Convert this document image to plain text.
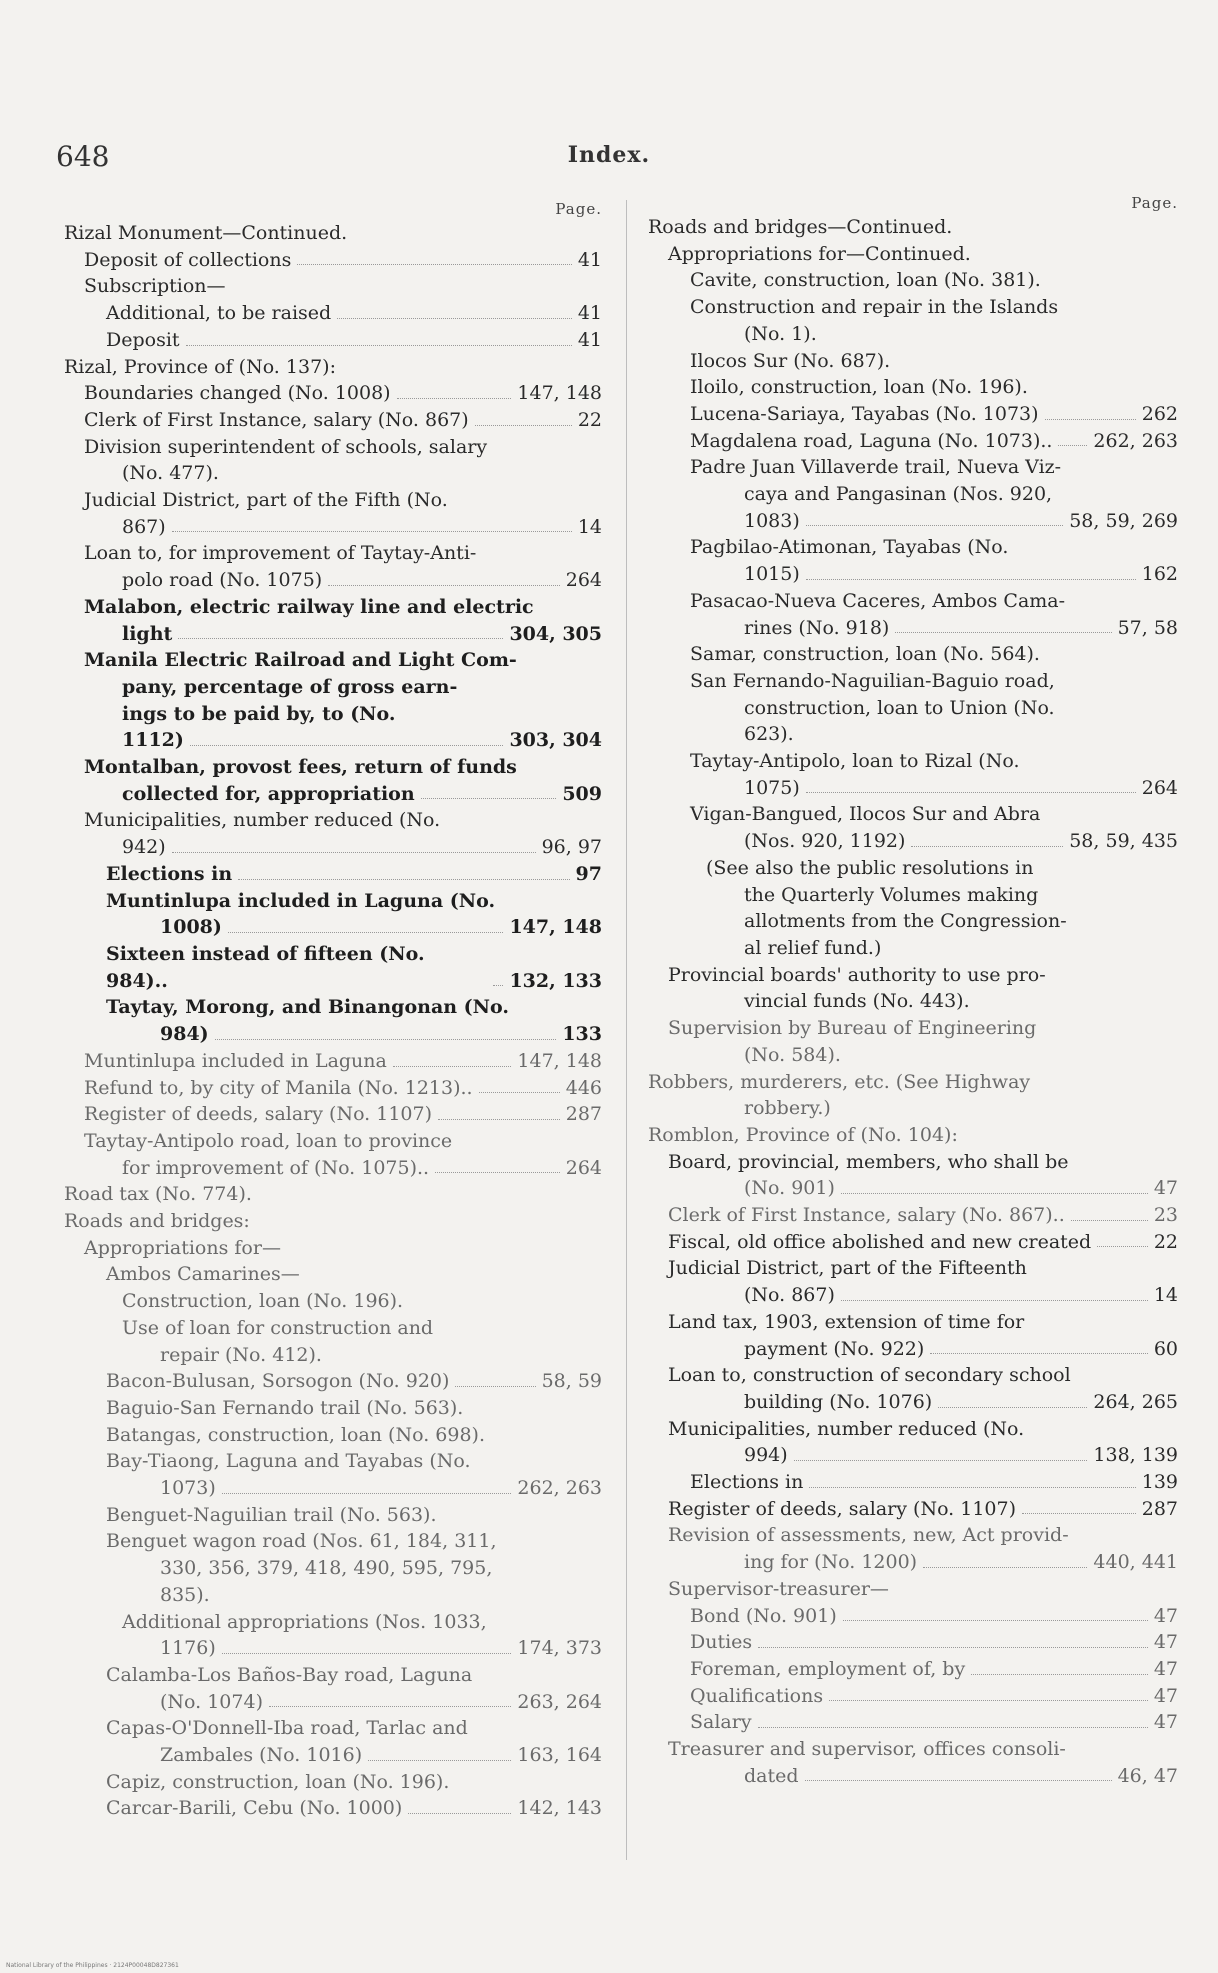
648	Index.
Page.
Rizal Monument—Continued.
Deposit of collections	41
Subscription—
Additional, to be raised	41
Deposit	41
Rizal, Province of (No. 137):
Boundaries changed (No. 1008)	147, 148
Clerk of First Instance, salary (No. 867)	22
Division superintendent of schools, salary
(No. 477).
Judicial District, part of the Fifth (No.
867)	14
Loan to, for improvement of Taytay-Anti-
polo road (No. 1075)	264
Malabon, electric railway line and electric
light	304, 305
Manila Electric Railroad and Light Com-
pany, percentage of gross earn-
ings to be paid by, to (No.
1112)	303, 304
Montalban, provost fees, return of funds
collected for, appropriation	509
Municipalities, number reduced (No.
942)	96, 97
Elections in	97
Muntinlupa included in Laguna (No.
1008)	147, 148
Sixteen instead of fifteen (No. 984)..	132, 133
Taytay, Morong, and Binangonan (No.
984)	133
Muntinlupa included in Laguna	147, 148
Refund to, by city of Manila (No. 1213)..	446
Register of deeds, salary (No. 1107)	287
Taytay-Antipolo road, loan to province
for improvement of (No. 1075)..	264
Road tax (No. 774).
Roads and bridges:
Appropriations for—
Ambos Camarines—
Construction, loan (No. 196).
Use of loan for construction and
repair (No. 412).
Bacon-Bulusan, Sorsogon (No. 920)	58, 59
Baguio-San Fernando trail (No. 563).
Batangas, construction, loan (No. 698).
Bay-Tiaong, Laguna and Tayabas (No.
1073)	262, 263
Benguet-Naguilian trail (No. 563).
Benguet wagon road (Nos. 61, 184, 311,
330, 356, 379, 418, 490, 595, 795,
835).
Additional appropriations (Nos. 1033,
1176)	174, 373
Calamba-Los Baños-Bay road, Laguna
(No. 1074)	263, 264
Capas-O'Donnell-Iba road, Tarlac and
Zambales (No. 1016)	163, 164
Capiz, construction, loan (No. 196).
Carcar-Barili, Cebu (No. 1000)	142, 143
Page.
Roads and bridges—Continued.
Appropriations for—Continued.
Cavite, construction, loan (No. 381).
Construction and repair in the Islands
(No. 1).
Ilocos Sur (No. 687).
Iloilo, construction, loan (No. 196).
Lucena-Sariaya, Tayabas (No. 1073)	262
Magdalena road, Laguna (No. 1073).. 262, 263
Padre Juan Villaverde trail, Nueva Viz-
caya and Pangasinan (Nos. 920,
1083)	58, 59, 269
Pagbilao-Atimonan, Tayabas (No.
1015)	162
Pasacao-Nueva Caceres, Ambos Cama-
rines (No. 918)	57, 58
Samar, construction, loan (No. 564).
San Fernando-Naguilian-Baguio road,
construction, loan to Union (No.
623).
Taytay-Antipolo, loan to Rizal (No.
1075)	264
Vigan-Bangued, Ilocos Sur and Abra
(Nos. 920, 1192)	58, 59, 435
(See also the public resolutions in
the Quarterly Volumes making
allotments from the Congression-
al relief fund.)
Provincial boards' authority to use pro-
vincial funds (No. 443).
Supervision by Bureau of Engineering
(No. 584).
Robbers, murderers, etc. (See Highway
robbery.)
Romblon, Province of (No. 104):
Board, provincial, members, who shall be
(No. 901)	47
Clerk of First Instance, salary (No. 867)..	23
Fiscal, old office abolished and new created	22
Judicial District, part of the Fifteenth
(No. 867)	14
Land tax, 1903, extension of time for
payment (No. 922)	60
Loan to, construction of secondary school
building (No. 1076)	264, 265
Municipalities, number reduced (No.
994)	138, 139
Elections in	139
Register of deeds, salary (No. 1107)	287
Revision of assessments, new, Act provid-
ing for (No. 1200)	440, 441
Supervisor-treasurer—
Bond (No. 901)	47
Duties	47
Foreman, employment of, by	47
Qualifications	47
Salary	47
Treasurer and supervisor, offices consoli-
dated	46, 47
National Library of the Philippines · 2124P00048D827361
